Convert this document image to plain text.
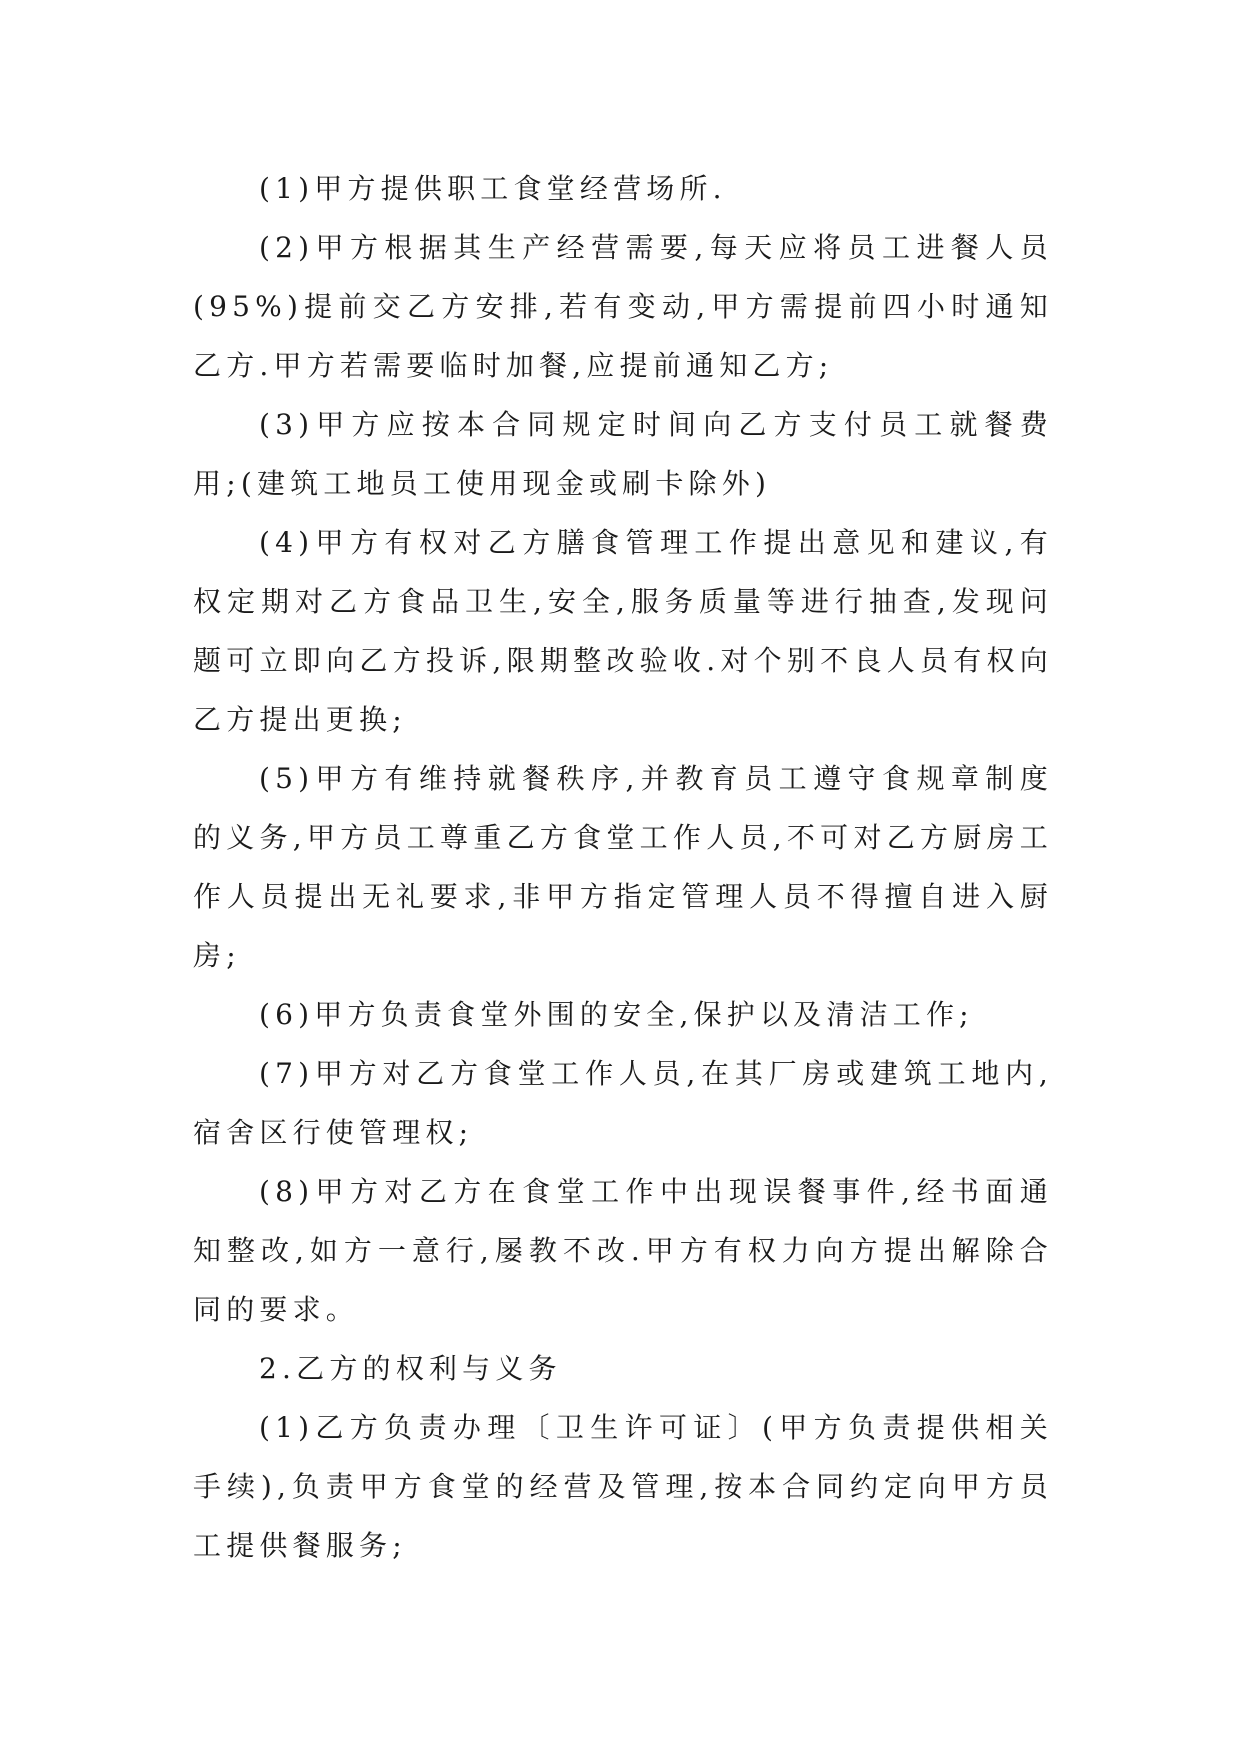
(1)甲方提供职工食堂经营场所.

(2)甲方根据其生产经营需要,每天应将员工进餐人员(95%)提前交乙方安排,若有变动,甲方需提前四小时通知乙方.甲方若需要临时加餐,应提前通知乙方;

(3)甲方应按本合同规定时间向乙方支付员工就餐费用;(建筑工地员工使用现金或刷卡除外)

(4)甲方有权对乙方膳食管理工作提出意见和建议,有权定期对乙方食品卫生,安全,服务质量等进行抽查,发现问题可立即向乙方投诉,限期整改验收.对个别不良人员有权向乙方提出更换;

(5)甲方有维持就餐秩序,并教育员工遵守食规章制度的义务,甲方员工尊重乙方食堂工作人员,不可对乙方厨房工作人员提出无礼要求,非甲方指定管理人员不得擅自进入厨房;

(6)甲方负责食堂外围的安全,保护以及清洁工作;

(7)甲方对乙方食堂工作人员,在其厂房或建筑工地内,宿舍区行使管理权;

(8)甲方对乙方在食堂工作中出现误餐事件,经书面通知整改,如方一意行,屡教不改.甲方有权力向方提出解除合同的要求。

2.乙方的权利与义务

(1)乙方负责办理〔卫生许可证〕(甲方负责提供相关手续),负责甲方食堂的经营及管理,按本合同约定向甲方员工提供餐服务;
